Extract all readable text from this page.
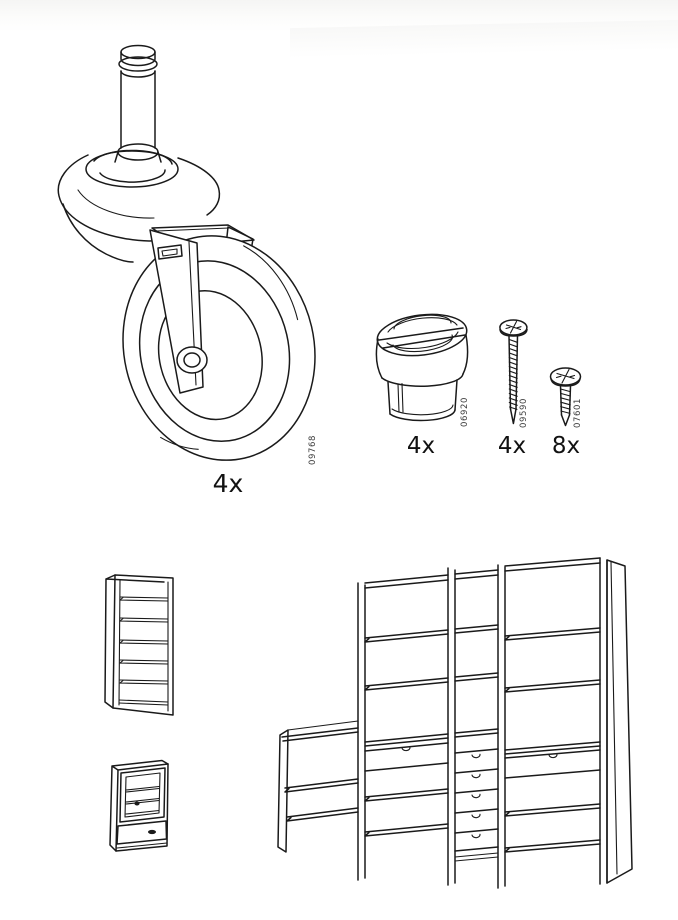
09768
4x
06920
4x
09590
4x
07601
8x
